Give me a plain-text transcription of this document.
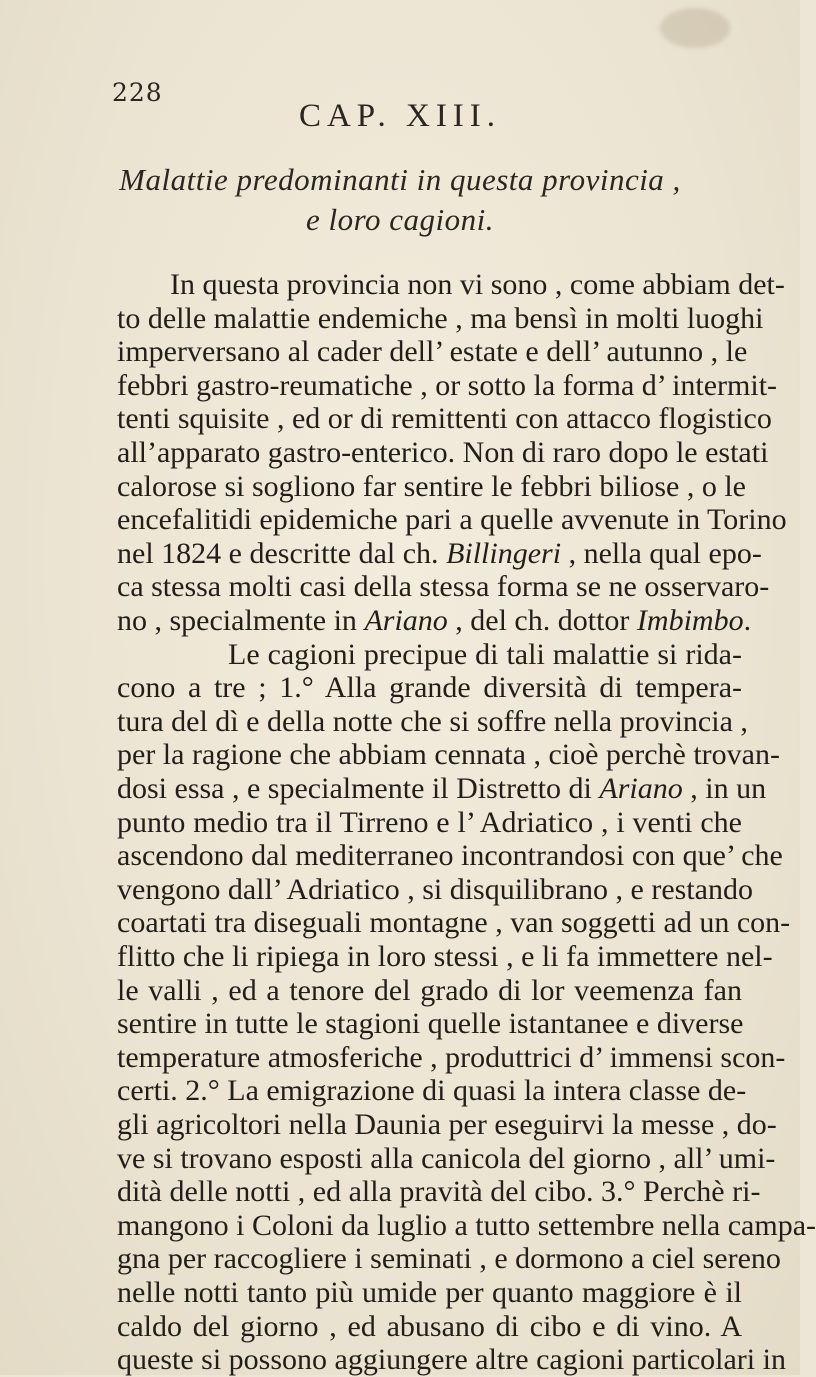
228
CAP. XIII.
Malattie predominanti in questa provincia ,
e loro cagioni.
In questa provincia non vi sono , come abbiam det-
to delle malattie endemiche , ma bensì in molti luoghi
imperversano al cader dell’ estate e dell’ autunno , le
febbri gastro-reumatiche , or sotto la forma d’ intermit-
tenti squisite , ed or di remittenti con attacco flogistico
all’apparato gastro-enterico. Non di raro dopo le estati
calorose si sogliono far sentire le febbri biliose , o le
encefalitidi epidemiche pari a quelle avvenute in Torino
nel 1824 e descritte dal ch. Billingeri , nella qual epo-
ca stessa molti casi della stessa forma se ne osservaro-
no , specialmente in Ariano , del ch. dottor Imbimbo.
Le cagioni precipue di tali malattie si rida-
cono a tre ; 1.° Alla grande diversità di tempera-
tura del dì e della notte che si soffre nella provincia ,
per la ragione che abbiam cennata , cioè perchè trovan-
dosi essa , e specialmente il Distretto di Ariano , in un
punto medio tra il Tirreno e l’ Adriatico , i venti che
ascendono dal mediterraneo incontrandosi con que’ che
vengono dall’ Adriatico , si disquilibrano , e restando
coartati tra diseguali montagne , van soggetti ad un con-
flitto che li ripiega in loro stessi , e li fa immettere nel-
le valli , ed a tenore del grado di lor veemenza fan
sentire in tutte le stagioni quelle istantanee e diverse
temperature atmosferiche , produttrici d’ immensi scon-
certi. 2.° La emigrazione di quasi la intera classe de-
gli agricoltori nella Daunia per eseguirvi la messe , do-
ve si trovano esposti alla canicola del giorno , all’ umi-
dità delle notti , ed alla pravità del cibo. 3.° Perchè ri-
mangono i Coloni da luglio a tutto settembre nella campa-
gna per raccogliere i seminati , e dormono a ciel sereno
nelle notti tanto più umide per quanto maggiore è il
caldo del giorno , ed abusano di cibo e di vino. A
queste si possono aggiungere altre cagioni particolari in
